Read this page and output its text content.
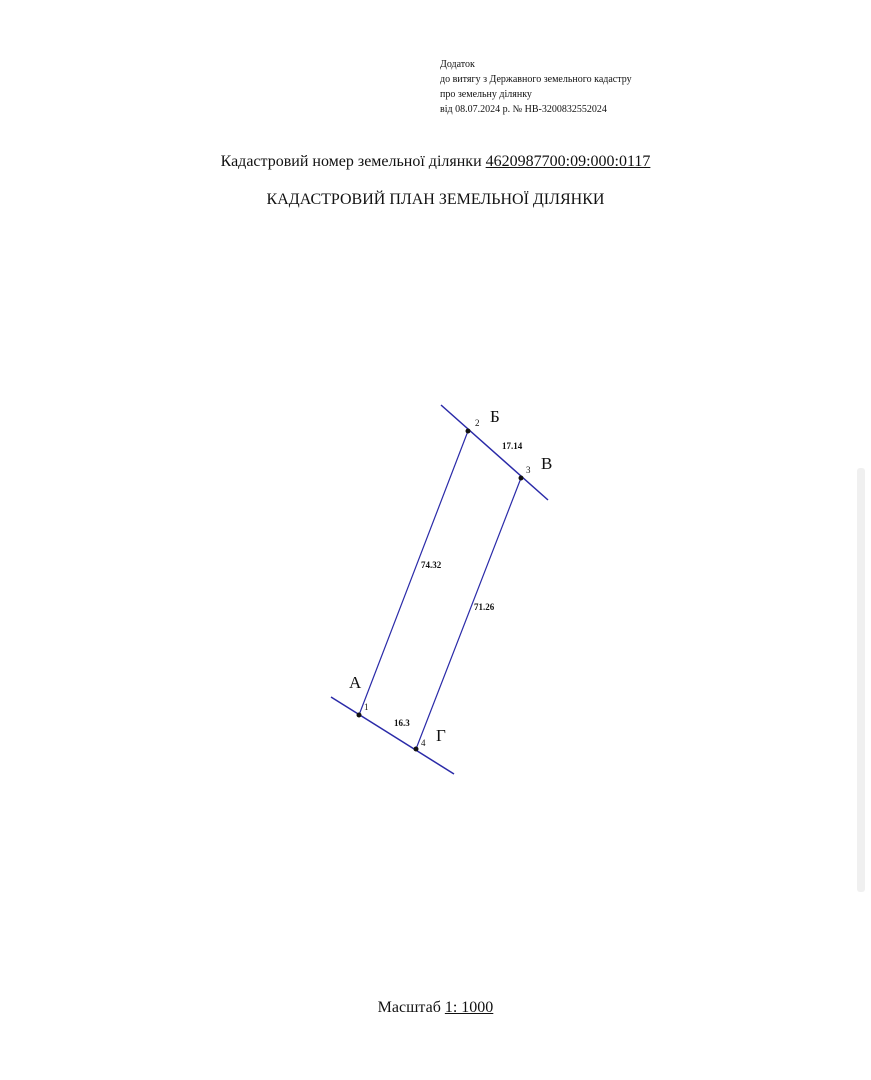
Додаток
до витягу з Державного земельного кадастру
про земельну ділянку
від 08.07.2024 р. № НВ-3200832552024
Кадастровий номер земельної ділянки 4620987700:09:000:0117
КАДАСТРОВИЙ ПЛАН ЗЕМЕЛЬНОЇ ДІЛЯНКИ
1
2
3
4
А
Б
В
Г
74.32
17.14
71.26
16.3
Масштаб 1: 1000
